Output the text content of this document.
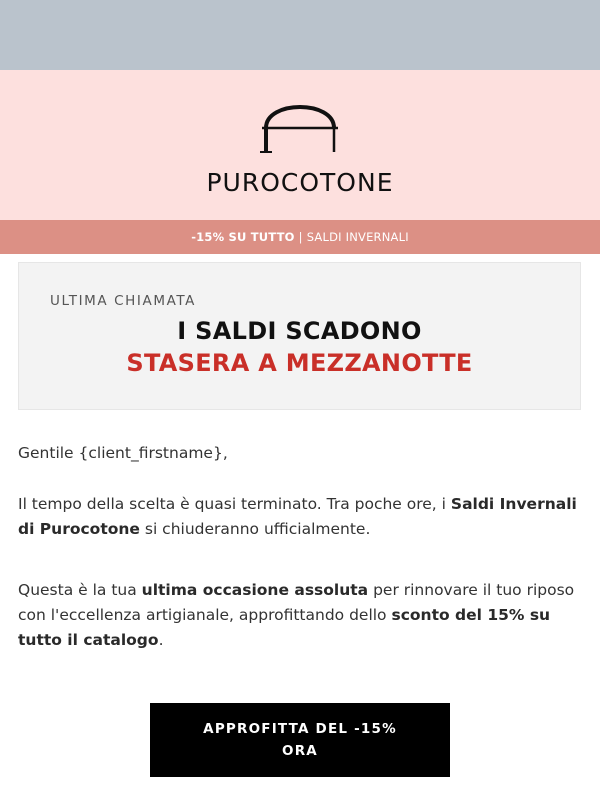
PUROCOTONE
-15% SU TUTTO | SALDI INVERNALI
ULTIMA CHIAMATA
I SALDI SCADONO
STASERA A MEZZANOTTE
Gentile {client_firstname},
Il tempo della scelta è quasi terminato. Tra poche ore, i Saldi Invernali di Purocotone si chiuderanno ufficialmente.
Questa è la tua ultima occasione assoluta per rinnovare il tuo riposo con l'eccellenza artigianale, approfittando dello sconto del 15% su tutto il catalogo.
APPROFITTA DEL -15% ORA
